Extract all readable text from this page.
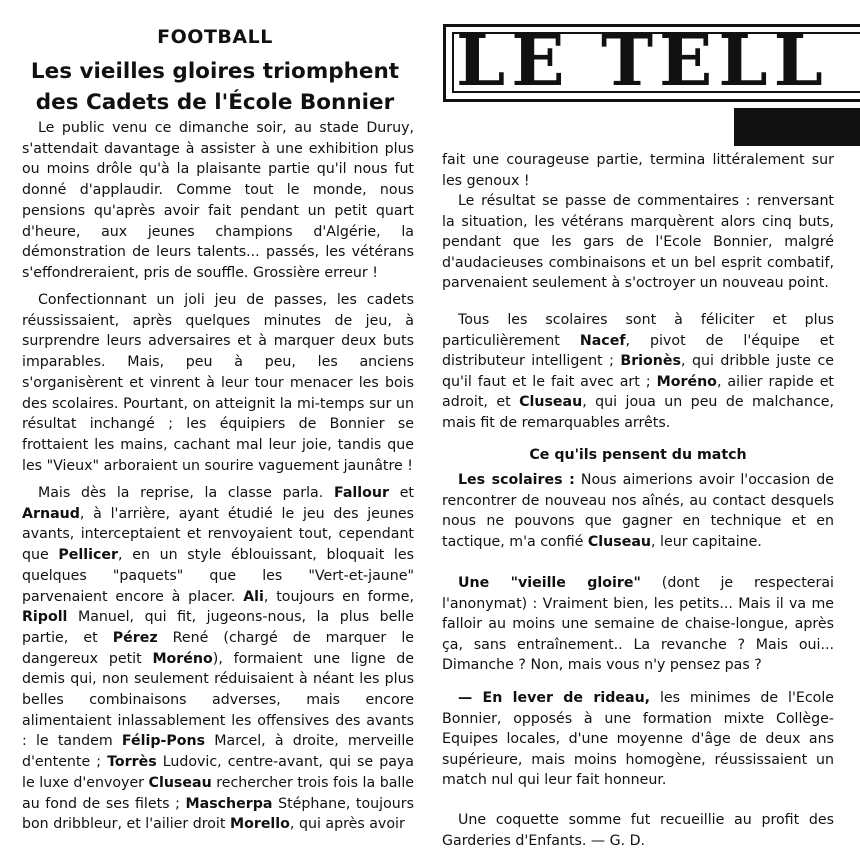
FOOTBALL
Les vieilles gloires triomphent
des Cadets de l'École Bonnier

Le public venu ce dimanche soir, au stade Duruy, s'attendait davantage à assister à une exhibition plus ou moins drôle qu'à la plaisante partie qu'il nous fut donné d'applaudir. Comme tout le monde, nous pensions qu'après avoir fait pendant un petit quart d'heure, aux jeunes champions d'Algérie, la démonstration de leurs talents... passés, les vétérans s'effondreraient, pris de souffle. Grossière erreur !

Confectionnant un joli jeu de passes, les cadets réussissaient, après quelques minutes de jeu, à surprendre leurs adversaires et à marquer deux buts imparables. Mais, peu à peu, les anciens s'organisèrent et vinrent à leur tour menacer les bois des scolaires. Pourtant, on atteignit la mi-temps sur un résultat inchangé ; les équipiers de Bonnier se frottaient les mains, cachant mal leur joie, tandis que les "Vieux" arboraient un sourire vaguement jaunâtre !

Mais dès la reprise, la classe parla. Fallour et Arnaud, à l'arrière, ayant étudié le jeu des jeunes avants, interceptaient et renvoyaient tout, cependant que Pellicer, en un style éblouissant, bloquait les quelques "paquets" que les "Vert-et-jaune" parvenaient encore à placer. Ali, toujours en forme, Ripoll Manuel, qui fit, jugeons-nous, la plus belle partie, et Pérez René (chargé de marquer le dangereux petit Moréno), formaient une ligne de demis qui, non seulement réduisaient à néant les plus belles combinaisons adverses, mais encore alimentaient inlassablement les offensives des avants : le tandem Félip-Pons Marcel, à droite, merveille d'entente ; Torrès Ludovic, centre-avant, qui se paya le luxe d'envoyer Cluseau rechercher trois fois la balle au fond de ses filets ; Mascherpa Stéphane, toujours bon dribbleur, et l'ailier droit Morello, qui après avoir

LE TELL

fait une courageuse partie, termina littéralement sur les genoux !

Le résultat se passe de commentaires : renversant la situation, les vétérans marquèrent alors cinq buts, pendant que les gars de l'Ecole Bonnier, malgré d'audacieuses combinaisons et un bel esprit combatif, parvenaient seulement à s'octroyer un nouveau point.

Tous les scolaires sont à féliciter et plus particulièrement Nacef, pivot de l'équipe et distributeur intelligent ; Brionès, qui dribble juste ce qu'il faut et le fait avec art ; Moréno, ailier rapide et adroit, et Cluseau, qui joua un peu de malchance, mais fit de remarquables arrêts.

Ce qu'ils pensent du match

Les scolaires : Nous aimerions avoir l'occasion de rencontrer de nouveau nos aînés, au contact desquels nous ne pouvons que gagner en technique et en tactique, m'a confié Cluseau, leur capitaine.

Une "vieille gloire" (dont je respecterai l'anonymat) : Vraiment bien, les petits... Mais il va me falloir au moins une semaine de chaise-longue, après ça, sans entraînement.. La revanche ? Mais oui... Dimanche ? Non, mais vous n'y pensez pas ?

— En lever de rideau, les minimes de l'Ecole Bonnier, opposés à une formation mixte Collège-Equipes locales, d'une moyenne d'âge de deux ans supérieure, mais moins homogène, réussissaient un match nul qui leur fait honneur.

Une coquette somme fut recueillie au profit des Garderies d'Enfants. — G. D.
